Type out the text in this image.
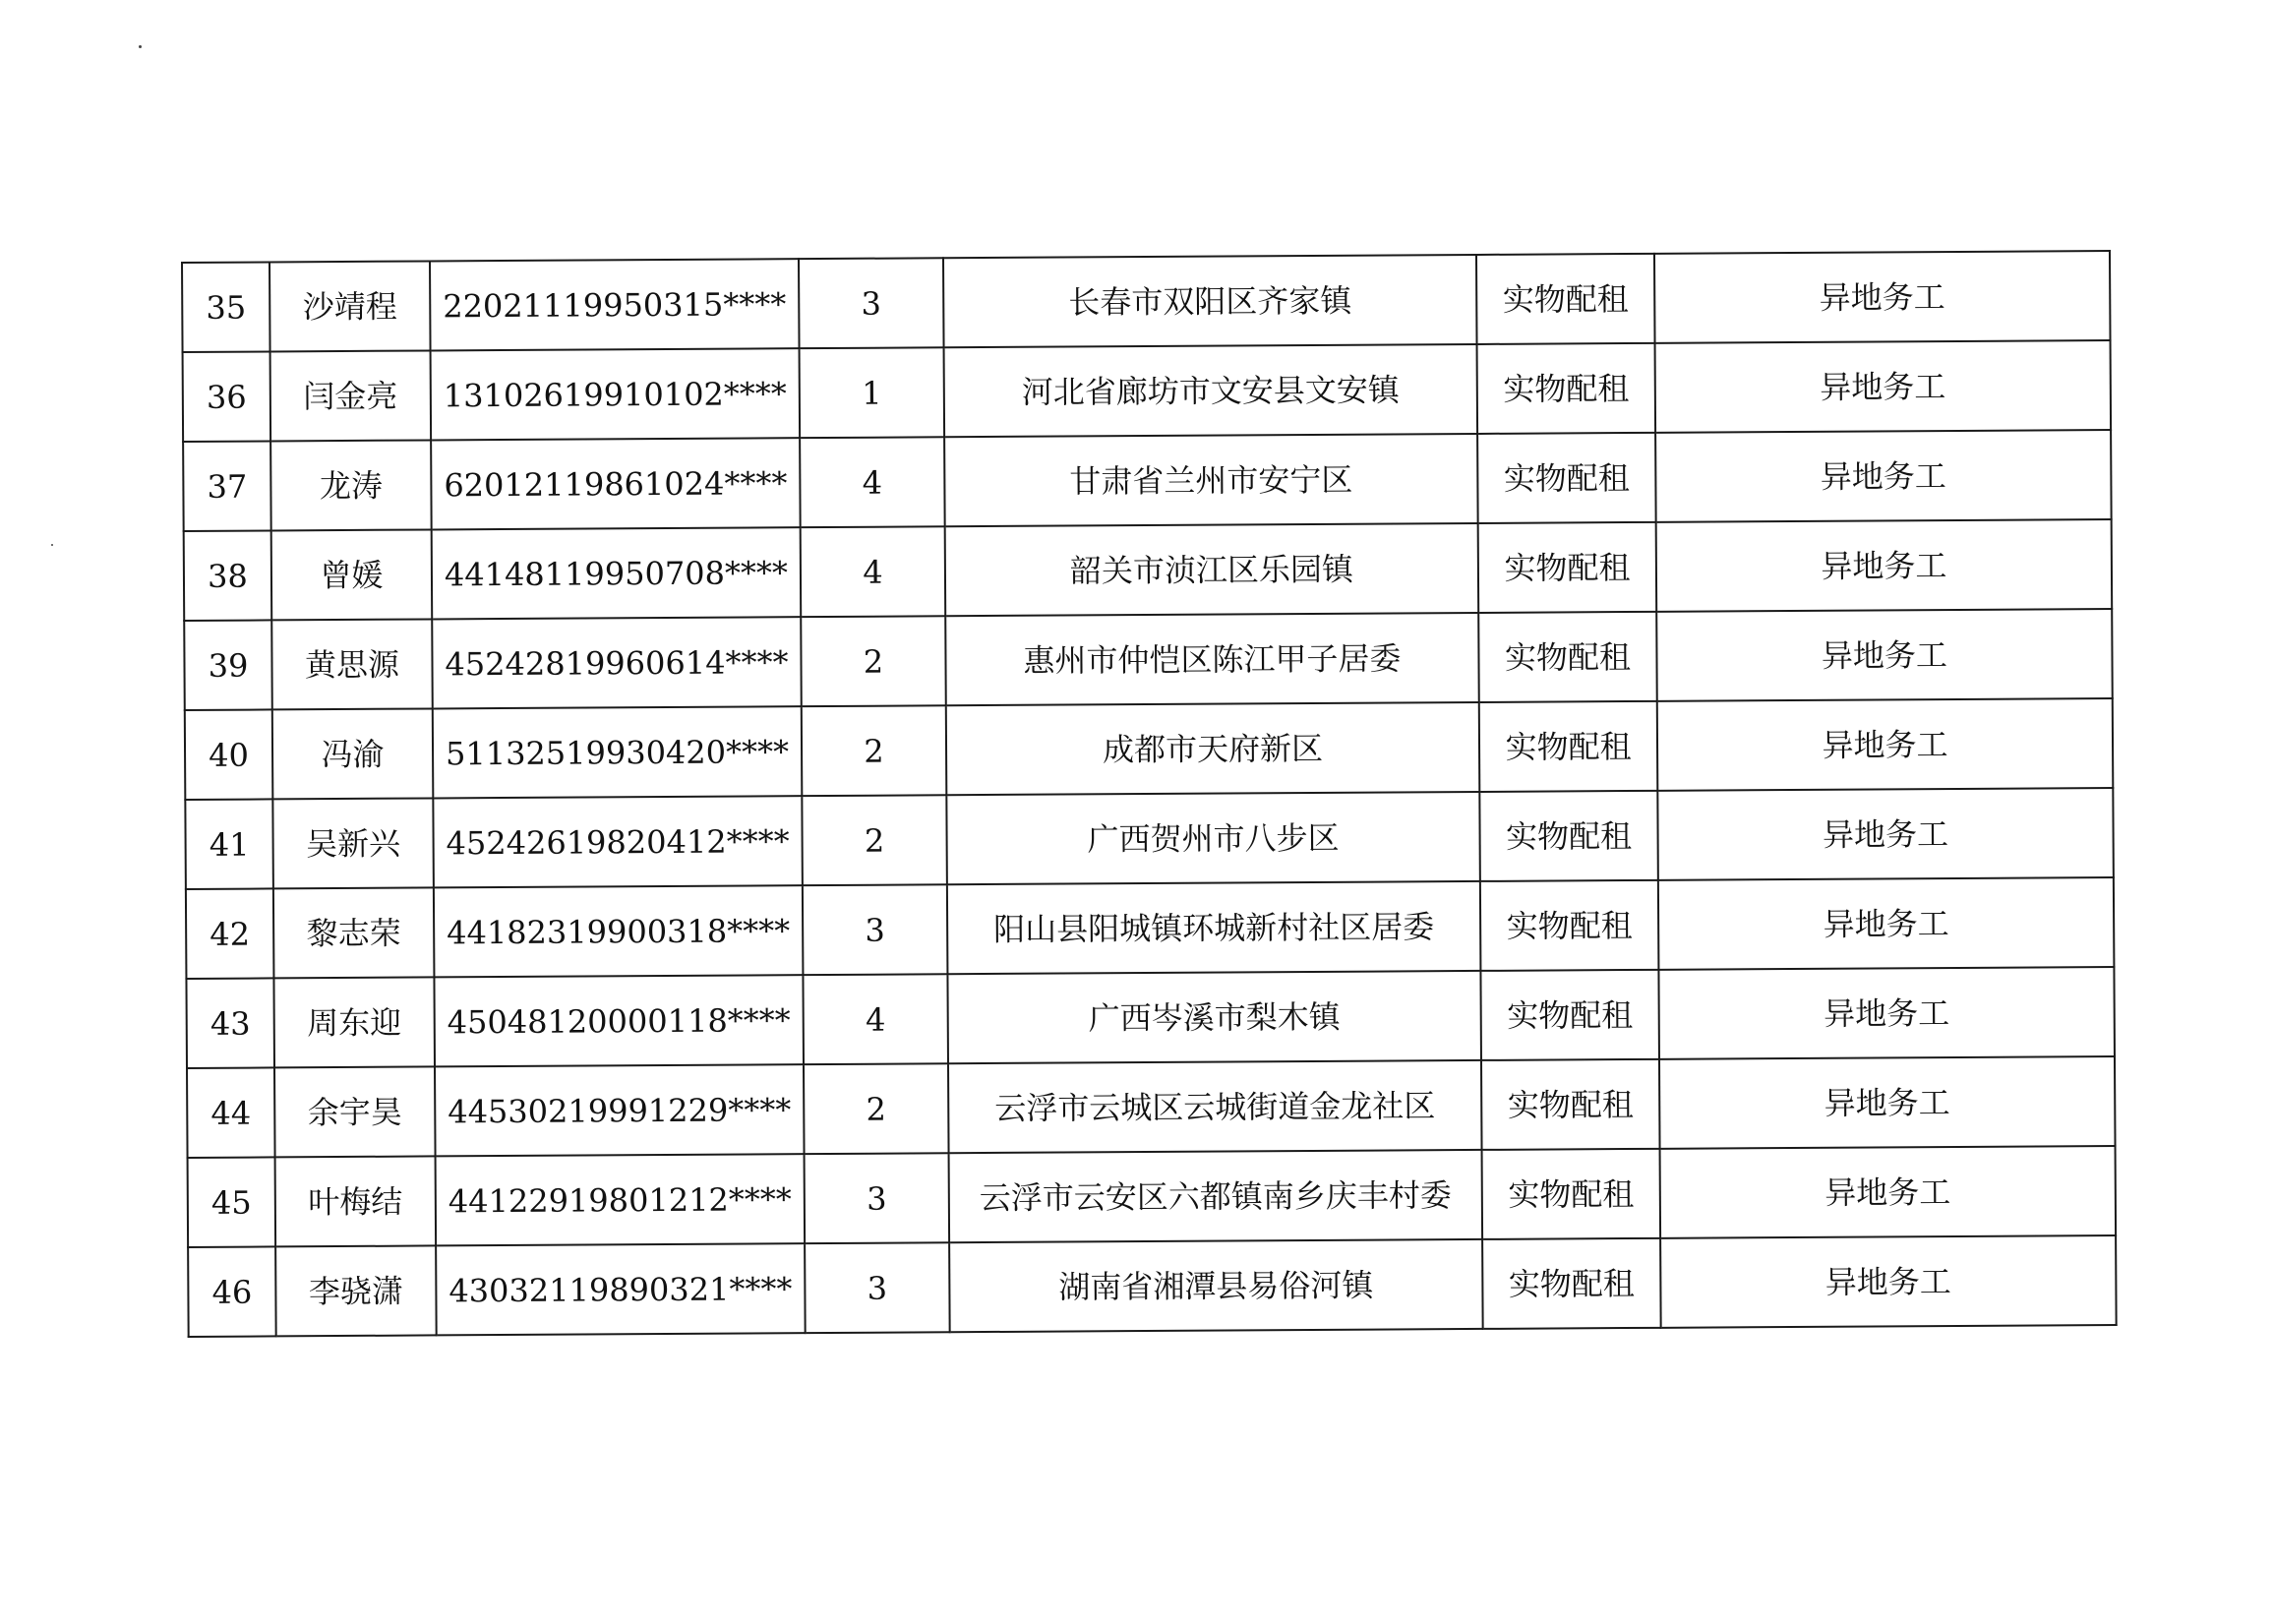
35	沙靖程	22021119950315****	3	长春市双阳区齐家镇	实物配租	异地务工
36	闫金亮	13102619910102****	1	河北省廊坊市文安县文安镇	实物配租	异地务工
37	龙涛	62012119861024****	4	甘肃省兰州市安宁区	实物配租	异地务工
38	曾媛	44148119950708****	4	韶关市浈江区乐园镇	实物配租	异地务工
39	黄思源	45242819960614****	2	惠州市仲恺区陈江甲子居委	实物配租	异地务工
40	冯渝	51132519930420****	2	成都市天府新区	实物配租	异地务工
41	吴新兴	45242619820412****	2	广西贺州市八步区	实物配租	异地务工
42	黎志荣	44182319900318****	3	阳山县阳城镇环城新村社区居委	实物配租	异地务工
43	周东迎	45048120000118****	4	广西岑溪市梨木镇	实物配租	异地务工
44	余宇昊	44530219991229****	2	云浮市云城区云城街道金龙社区	实物配租	异地务工
45	叶梅结	44122919801212****	3	云浮市云安区六都镇南乡庆丰村委	实物配租	异地务工
46	李骁潇	43032119890321****	3	湖南省湘潭县易俗河镇	实物配租	异地务工
